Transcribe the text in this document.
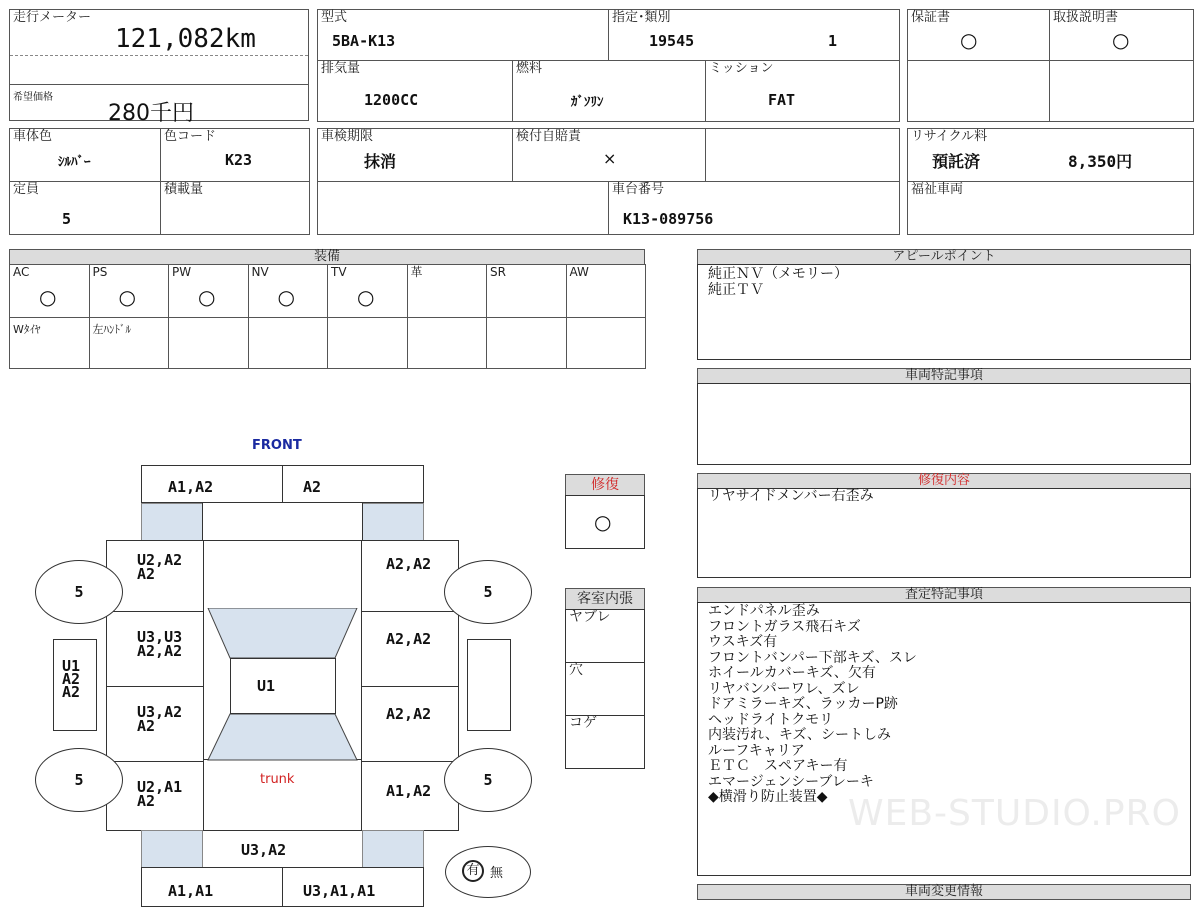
走行メーター
121,082km
希望価格
280千円
型式
5BA-K13
指定･類別
19545	1
排気量
1200CC
燃料
ｶﾞｿﾘﾝ
ミッション
FAT
保証書
○
取扱説明書
○
車体色
ｼﾙﾊﾞｰ
色コード
K23
定員
5
積載量
車検期限
抹消
検付自賠責
×
車台番号
K13-089756
リサイクル料
預託済	8,350円
福祉車両
装備
AC
○
PS
○
PW
○
NV
○
TV
○
革	SR	AW
Wﾀｲﾔ	左ﾊﾝﾄﾞﾙ
アピールポイント
純正ＮＶ（メモリー）
純正ＴＶ
車両特記事項
修復内容
リヤサイドメンバー右歪み
査定特記事項
エンドパネル歪み
フロントガラス飛石キズ
ウスキズ有
フロントバンパー下部キズ、スレ
ホイールカバーキズ、欠有
リヤバンパーワレ、ズレ
ドアミラーキズ、ラッカーP跡
ヘッドライトクモリ
内装汚れ、キズ、シートしみ
ルーフキャリア
ＥＴＣ　スペアキー有
エマージェンシーブレーキ
◆横滑り防止装置◆ WEB-STUDIO.PRO
車両変更情報
修復
○
客室内張
ヤブレ
穴
コゲ
FRONT
A1,A2	A2
U1
trunk
U2,A2
A2
U3,U3
A2,A2
U3,A2
A2
U2,A1
A2
A2,A2
A2,A2
A2,A2
A1,A2
U3,A2
A1,A1	U3,A1,A1
U1
A2
A2
5	5
5	5
有 無
